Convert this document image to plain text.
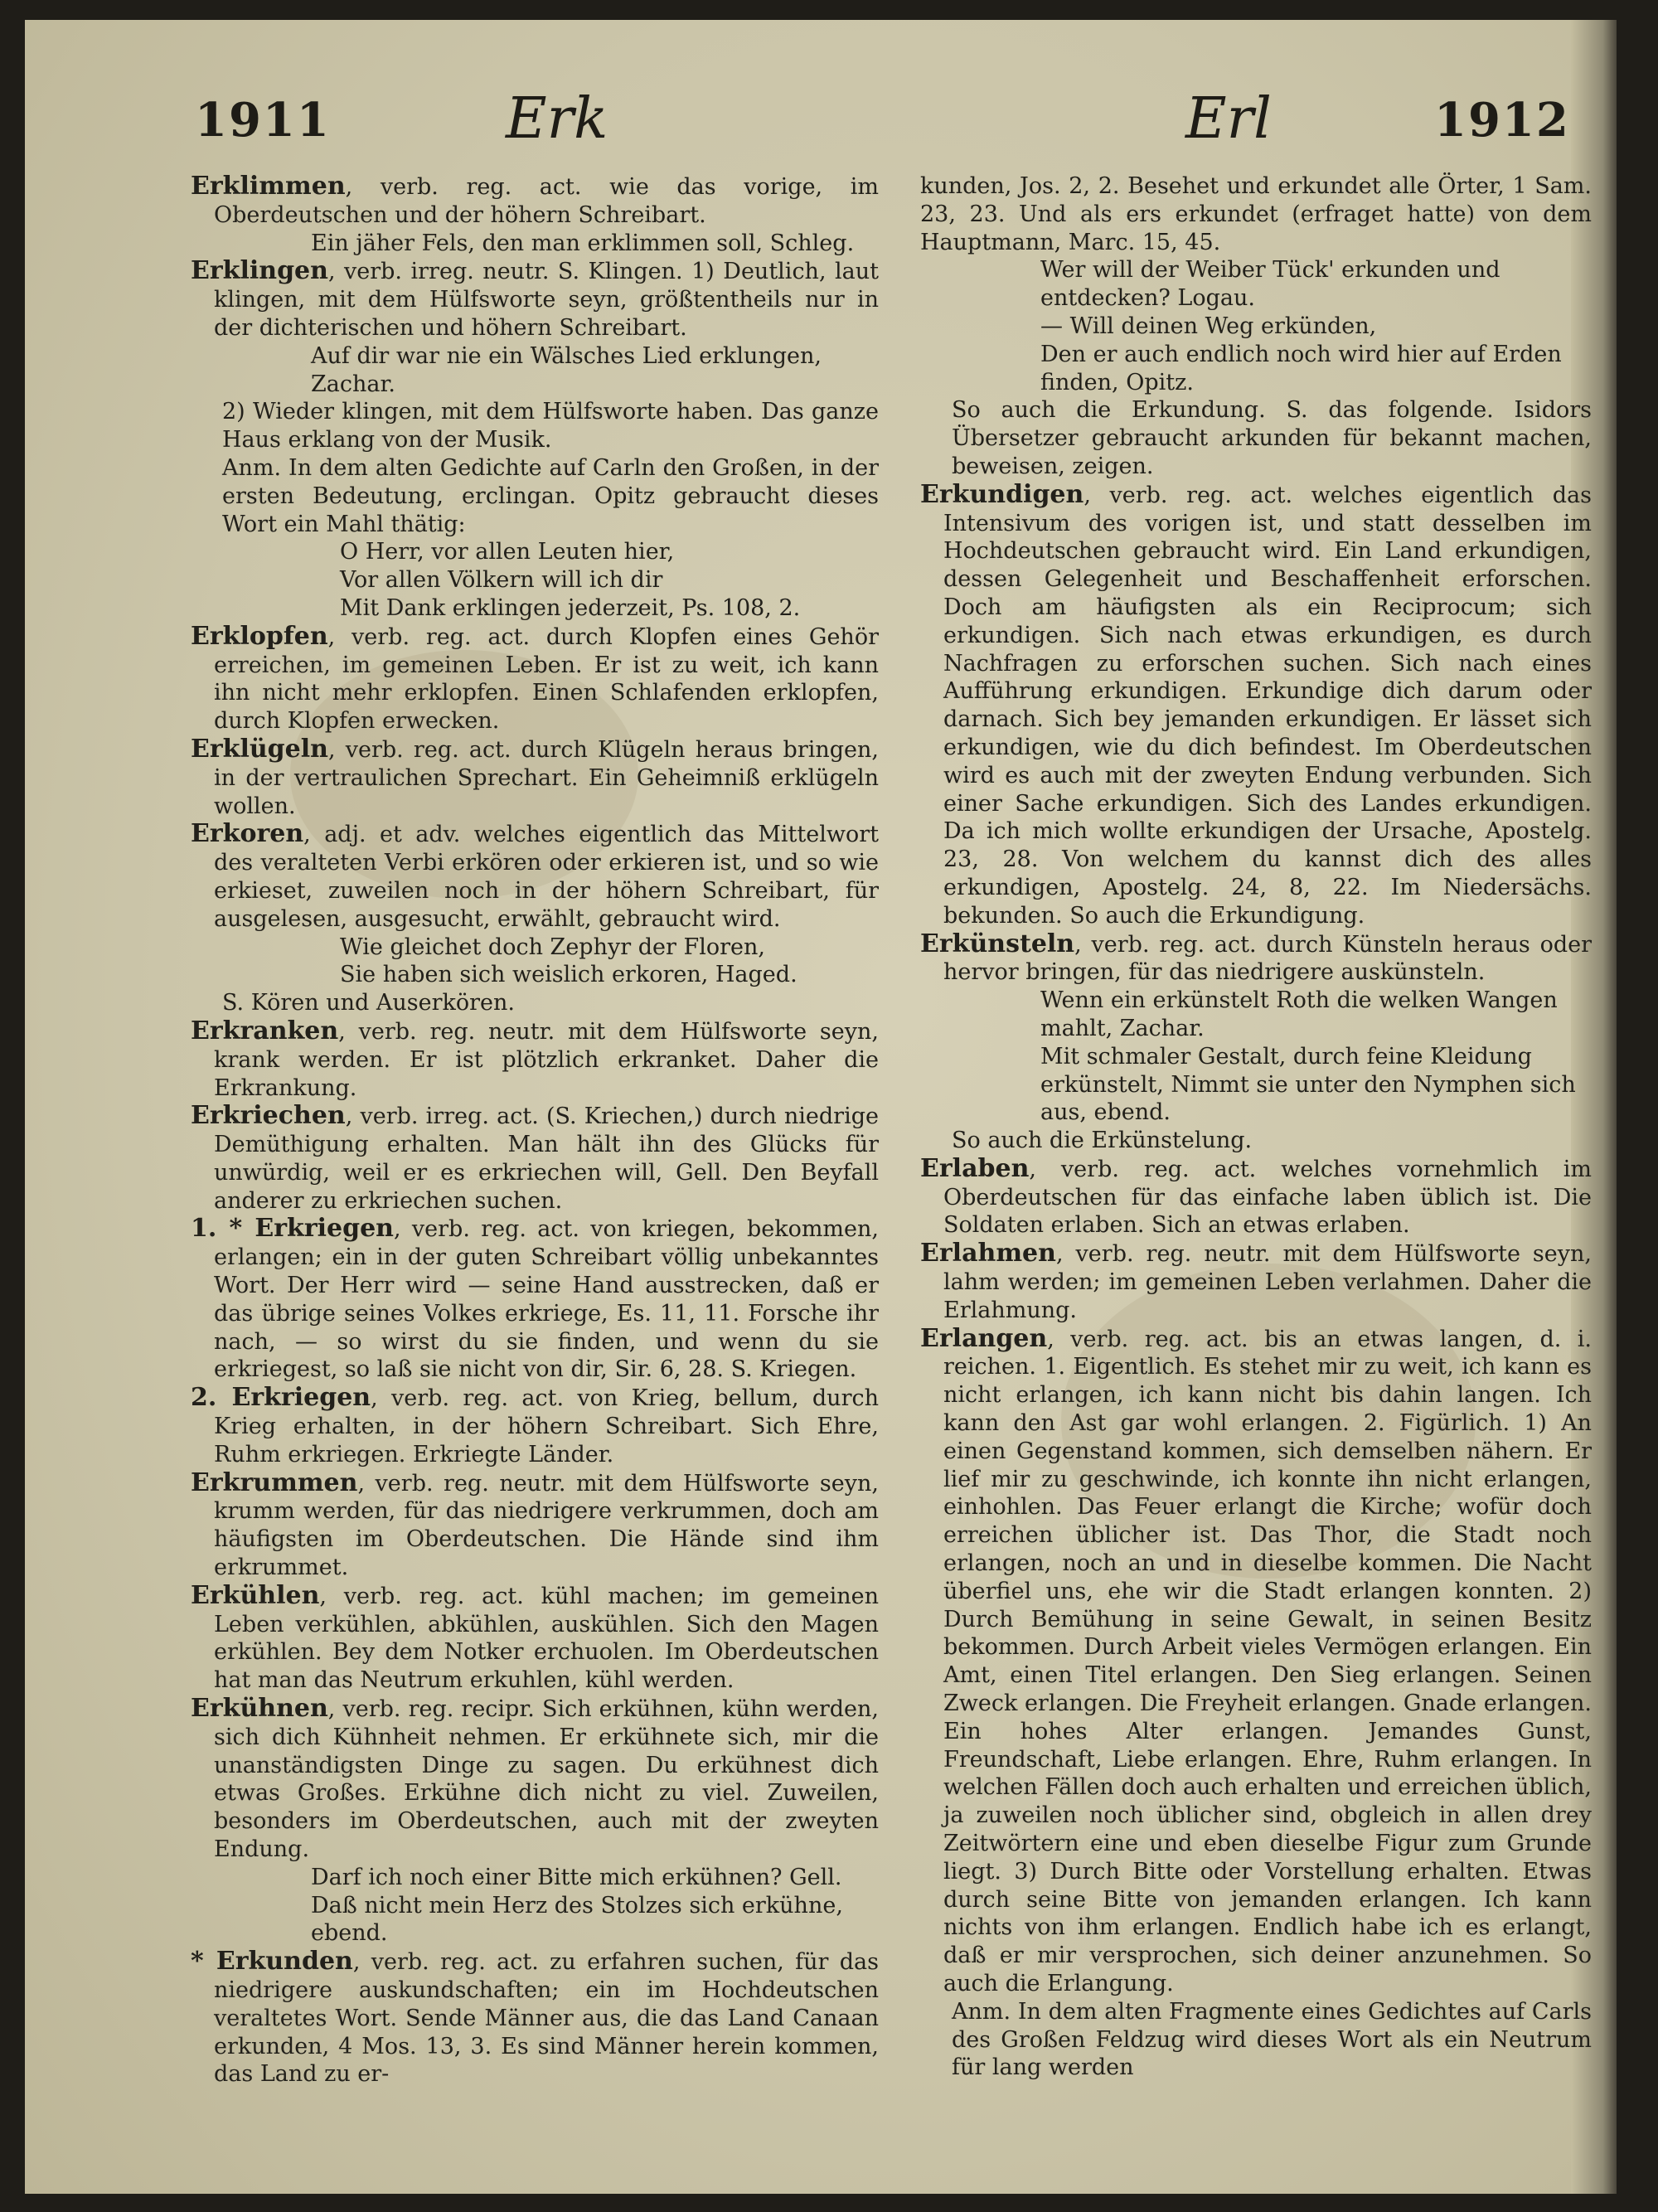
1911	Erk	Erl	1912

Erklimmen, verb. reg. act. wie das vorige, im Oberdeutschen und der höhern Schreibart.

Ein jäher Fels, den man erklimmen soll, Schleg.

Erklingen, verb. irreg. neutr. S. Klingen. 1) Deutlich, laut klingen, mit dem Hülfsworte seyn, größtentheils nur in der dichterischen und höhern Schreibart.

Auf dir war nie ein Wälsches Lied erklungen, Zachar.

2) Wieder klingen, mit dem Hülfsworte haben. Das ganze Haus erklang von der Musik.

Anm. In dem alten Gedichte auf Carln den Großen, in der ersten Bedeutung, erclingan. Opitz gebraucht dieses Wort ein Mahl thätig:

O Herr, vor allen Leuten hier,

Vor allen Völkern will ich dir

Mit Dank erklingen jederzeit, Ps. 108, 2.

Erklopfen, verb. reg. act. durch Klopfen eines Gehör erreichen, im gemeinen Leben. Er ist zu weit, ich kann ihn nicht mehr erklopfen. Einen Schlafenden erklopfen, durch Klopfen erwecken.

Erklügeln, verb. reg. act. durch Klügeln heraus bringen, in der vertraulichen Sprechart. Ein Geheimniß erklügeln wollen.

Erkoren, adj. et adv. welches eigentlich das Mittelwort des veralteten Verbi erkören oder erkieren ist, und so wie erkieset, zuweilen noch in der höhern Schreibart, für ausgelesen, ausgesucht, erwählt, gebraucht wird.

Wie gleichet doch Zephyr der Floren,

Sie haben sich weislich erkoren, Haged.

S. Kören und Auserkören.

Erkranken, verb. reg. neutr. mit dem Hülfsworte seyn, krank werden. Er ist plötzlich erkranket. Daher die Erkrankung.

Erkriechen, verb. irreg. act. (S. Kriechen,) durch niedrige Demüthigung erhalten. Man hält ihn des Glücks für unwürdig, weil er es erkriechen will, Gell. Den Beyfall anderer zu erkriechen suchen.

1. * Erkriegen, verb. reg. act. von kriegen, bekommen, erlangen; ein in der guten Schreibart völlig unbekanntes Wort. Der Herr wird — seine Hand ausstrecken, daß er das übrige seines Volkes erkriege, Es. 11, 11. Forsche ihr nach, — so wirst du sie finden, und wenn du sie erkriegest, so laß sie nicht von dir, Sir. 6, 28. S. Kriegen.

2. Erkriegen, verb. reg. act. von Krieg, bellum, durch Krieg erhalten, in der höhern Schreibart. Sich Ehre, Ruhm erkriegen. Erkriegte Länder.

Erkrummen, verb. reg. neutr. mit dem Hülfsworte seyn, krumm werden, für das niedrigere verkrummen, doch am häufigsten im Oberdeutschen. Die Hände sind ihm erkrummet.

Erkühlen, verb. reg. act. kühl machen; im gemeinen Leben verkühlen, abkühlen, auskühlen. Sich den Magen erkühlen. Bey dem Notker erchuolen. Im Oberdeutschen hat man das Neutrum erkuhlen, kühl werden.

Erkühnen, verb. reg. recipr. Sich erkühnen, kühn werden, sich dich Kühnheit nehmen. Er erkühnete sich, mir die unanständigsten Dinge zu sagen. Du erkühnest dich etwas Großes. Erkühne dich nicht zu viel. Zuweilen, besonders im Oberdeutschen, auch mit der zweyten Endung.

Darf ich noch einer Bitte mich erkühnen? Gell.

Daß nicht mein Herz des Stolzes sich erkühne, ebend.

* Erkunden, verb. reg. act. zu erfahren suchen, für das niedrigere auskundschaften; ein im Hochdeutschen veraltetes Wort. Sende Männer aus, die das Land Canaan erkunden, 4 Mos. 13, 3. Es sind Männer herein kommen, das Land zu er-

kunden, Jos. 2, 2. Besehet und erkundet alle Örter, 1 Sam. 23, 23. Und als ers erkundet (erfraget hatte) von dem Hauptmann, Marc. 15, 45.

Wer will der Weiber Tück' erkunden und entdecken? Logau.

— Will deinen Weg erkünden,

Den er auch endlich noch wird hier auf Erden finden, Opitz.

So auch die Erkundung. S. das folgende. Isidors Übersetzer gebraucht arkunden für bekannt machen, beweisen, zeigen.

Erkundigen, verb. reg. act. welches eigentlich das Intensivum des vorigen ist, und statt desselben im Hochdeutschen gebraucht wird. Ein Land erkundigen, dessen Gelegenheit und Beschaffenheit erforschen. Doch am häufigsten als ein Reciprocum; sich erkundigen. Sich nach etwas erkundigen, es durch Nachfragen zu erforschen suchen. Sich nach eines Aufführung erkundigen. Erkundige dich darum oder darnach. Sich bey jemanden erkundigen. Er lässet sich erkundigen, wie du dich befindest. Im Oberdeutschen wird es auch mit der zweyten Endung verbunden. Sich einer Sache erkundigen. Sich des Landes erkundigen. Da ich mich wollte erkundigen der Ursache, Apostelg. 23, 28. Von welchem du kannst dich des alles erkundigen, Apostelg. 24, 8, 22. Im Niedersächs. bekunden. So auch die Erkundigung.

Erkünsteln, verb. reg. act. durch Künsteln heraus oder hervor bringen, für das niedrigere auskünsteln.

Wenn ein erkünstelt Roth die welken Wangen mahlt, Zachar.

Mit schmaler Gestalt, durch feine Kleidung erkünstelt, Nimmt sie unter den Nymphen sich aus, ebend.

So auch die Erkünstelung.

Erlaben, verb. reg. act. welches vornehmlich im Oberdeutschen für das einfache laben üblich ist. Die Soldaten erlaben. Sich an etwas erlaben.

Erlahmen, verb. reg. neutr. mit dem Hülfsworte seyn, lahm werden; im gemeinen Leben verlahmen. Daher die Erlahmung.

Erlangen, verb. reg. act. bis an etwas langen, d. i. reichen. 1. Eigentlich. Es stehet mir zu weit, ich kann es nicht erlangen, ich kann nicht bis dahin langen. Ich kann den Ast gar wohl erlangen. 2. Figürlich. 1) An einen Gegenstand kommen, sich demselben nähern. Er lief mir zu geschwinde, ich konnte ihn nicht erlangen, einhohlen. Das Feuer erlangt die Kirche; wofür doch erreichen üblicher ist. Das Thor, die Stadt noch erlangen, noch an und in dieselbe kommen. Die Nacht überfiel uns, ehe wir die Stadt erlangen konnten. 2) Durch Bemühung in seine Gewalt, in seinen Besitz bekommen. Durch Arbeit vieles Vermögen erlangen. Ein Amt, einen Titel erlangen. Den Sieg erlangen. Seinen Zweck erlangen. Die Freyheit erlangen. Gnade erlangen. Ein hohes Alter erlangen. Jemandes Gunst, Freundschaft, Liebe erlangen. Ehre, Ruhm erlangen. In welchen Fällen doch auch erhalten und erreichen üblich, ja zuweilen noch üblicher sind, obgleich in allen drey Zeitwörtern eine und eben dieselbe Figur zum Grunde liegt. 3) Durch Bitte oder Vorstellung erhalten. Etwas durch seine Bitte von jemanden erlangen. Ich kann nichts von ihm erlangen. Endlich habe ich es erlangt, daß er mir versprochen, sich deiner anzunehmen. So auch die Erlangung.

Anm. In dem alten Fragmente eines Gedichtes auf Carls des Großen Feldzug wird dieses Wort als ein Neutrum für lang werden
